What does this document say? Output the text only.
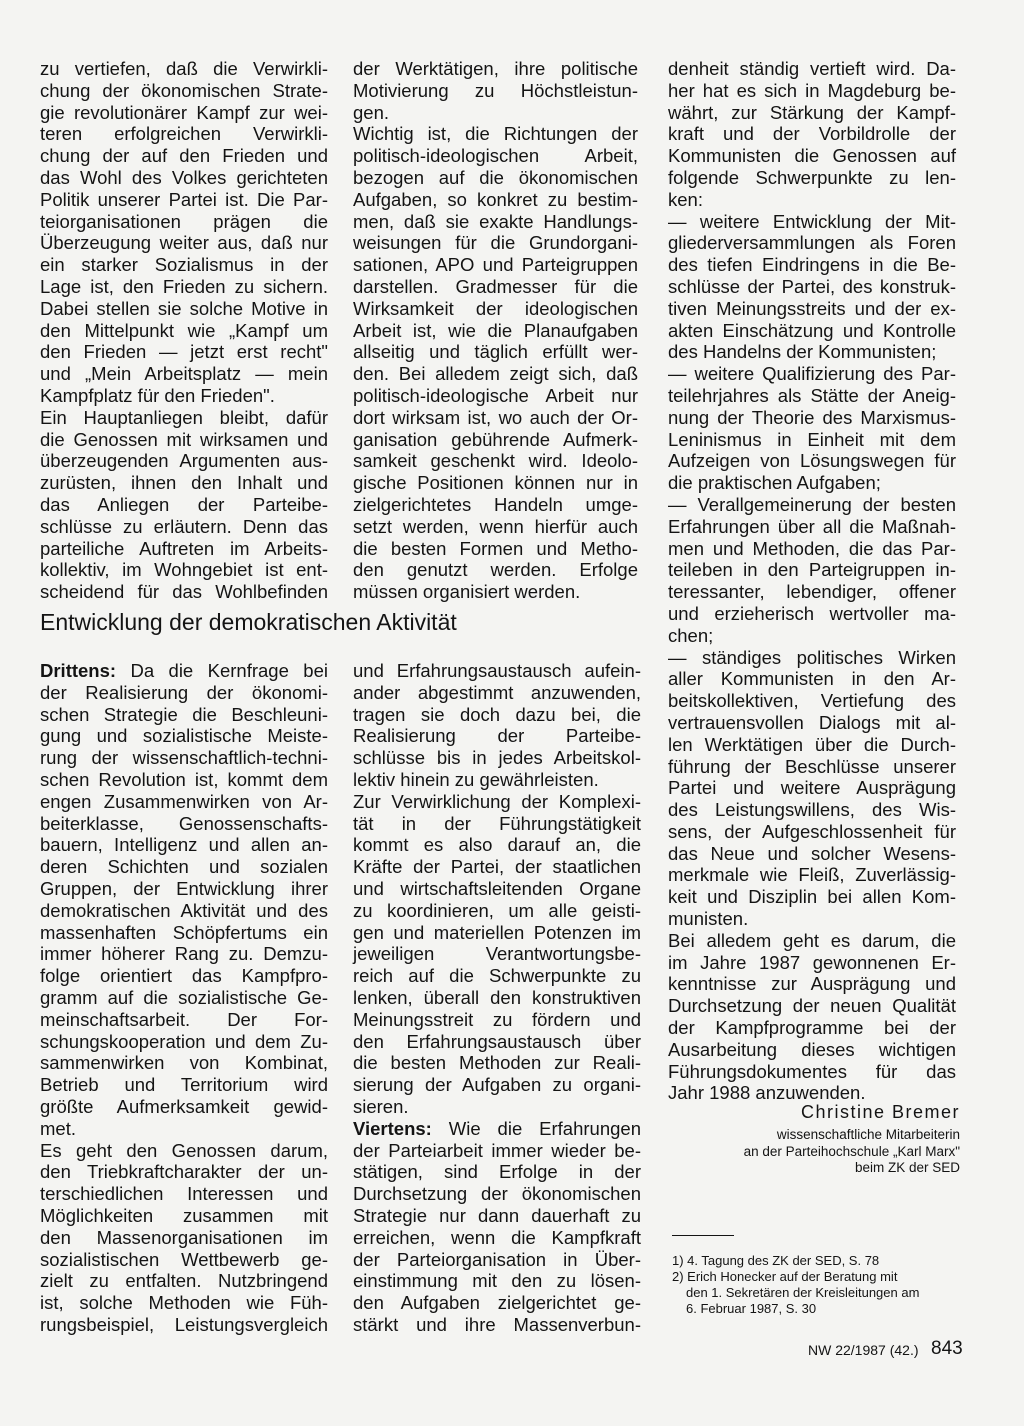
zu vertiefen, daß die Verwirkli-
chung der ökonomischen Strate-
gie revolutionärer Kampf zur wei-
teren erfolgreichen Verwirkli-
chung der auf den Frieden und
das Wohl des Volkes gerichteten
Politik unserer Partei ist. Die Par-
teiorganisationen prägen die
Überzeugung weiter aus, daß nur
ein starker Sozialismus in der
Lage ist, den Frieden zu sichern.
Dabei stellen sie solche Motive in
den Mittelpunkt wie „Kampf um
den Frieden — jetzt erst recht"
und „Mein Arbeitsplatz — mein
Kampfplatz für den Frieden".

Ein Hauptanliegen bleibt, dafür
die Genossen mit wirksamen und
überzeugenden Argumenten aus-
zurüsten, ihnen den Inhalt und
das Anliegen der Parteibe-
schlüsse zu erläutern. Denn das
parteiliche Auftreten im Arbeits-
kollektiv, im Wohngebiet ist ent-
scheidend für das Wohlbefinden

der Werktätigen, ihre politische
Motivierung zu Höchstleistun-
gen.

Wichtig ist, die Richtungen der
politisch-ideologischen Arbeit,
bezogen auf die ökonomischen
Aufgaben, so konkret zu bestim-
men, daß sie exakte Handlungs-
weisungen für die Grundorgani-
sationen, APO und Parteigruppen
darstellen. Gradmesser für die
Wirksamkeit der ideologischen
Arbeit ist, wie die Planaufgaben
allseitig und täglich erfüllt wer-
den. Bei alledem zeigt sich, daß
politisch-ideologische Arbeit nur
dort wirksam ist, wo auch der Or-
ganisation gebührende Aufmerk-
samkeit geschenkt wird. Ideolo-
gische Positionen können nur in
zielgerichtetes Handeln umge-
setzt werden, wenn hierfür auch
die besten Formen und Metho-
den genutzt werden. Erfolge
müssen organisiert werden.

Entwicklung der demokratischen Aktivität

Drittens: Da die Kernfrage bei
der Realisierung der ökonomi-
schen Strategie die Beschleuni-
gung und sozialistische Meiste-
rung der wissenschaftlich-techni-
schen Revolution ist, kommt dem
engen Zusammenwirken von Ar-
beiterklasse, Genossenschafts-
bauern, Intelligenz und allen an-
deren Schichten und sozialen
Gruppen, der Entwicklung ihrer
demokratischen Aktivität und des
massenhaften Schöpfertums ein
immer höherer Rang zu. Demzu-
folge orientiert das Kampfpro-
gramm auf die sozialistische Ge-
meinschaftsarbeit. Der For-
schungskooperation und dem Zu-
sammenwirken von Kombinat,
Betrieb und Territorium wird
größte Aufmerksamkeit gewid-
met.

Es geht den Genossen darum,
den Triebkraftcharakter der un-
terschiedlichen Interessen und
Möglichkeiten zusammen mit
den Massenorganisationen im
sozialistischen Wettbewerb ge-
zielt zu entfalten. Nutzbringend
ist, solche Methoden wie Füh-
rungsbeispiel, Leistungsvergleich

und Erfahrungsaustausch aufein-
ander abgestimmt anzuwenden,
tragen sie doch dazu bei, die
Realisierung der Parteibe-
schlüsse bis in jedes Arbeitskol-
lektiv hinein zu gewährleisten.

Zur Verwirklichung der Komplexi-
tät in der Führungstätigkeit
kommt es also darauf an, die
Kräfte der Partei, der staatlichen
und wirtschaftsleitenden Organe
zu koordinieren, um alle geisti-
gen und materiellen Potenzen im
jeweiligen Verantwortungsbe-
reich auf die Schwerpunkte zu
lenken, überall den konstruktiven
Meinungsstreit zu fördern und
den Erfahrungsaustausch über
die besten Methoden zur Reali-
sierung der Aufgaben zu organi-
sieren.

Viertens: Wie die Erfahrungen
der Parteiarbeit immer wieder be-
stätigen, sind Erfolge in der
Durchsetzung der ökonomischen
Strategie nur dann dauerhaft zu
erreichen, wenn die Kampfkraft
der Parteiorganisation in Über-
einstimmung mit den zu lösen-
den Aufgaben zielgerichtet ge-
stärkt und ihre Massenverbun-

denheit ständig vertieft wird. Da-
her hat es sich in Magdeburg be-
währt, zur Stärkung der Kampf-
kraft und der Vorbildrolle der
Kommunisten die Genossen auf
folgende Schwerpunkte zu len-
ken:

— weitere Entwicklung der Mit-
gliederversammlungen als Foren
des tiefen Eindringens in die Be-
schlüsse der Partei, des konstruk-
tiven Meinungsstreits und der ex-
akten Einschätzung und Kontrolle
des Handelns der Kommunisten;

— weitere Qualifizierung des Par-
teilehrjahres als Stätte der Aneig-
nung der Theorie des Marxismus-
Leninismus in Einheit mit dem
Aufzeigen von Lösungswegen für
die praktischen Aufgaben;

— Verallgemeinerung der besten
Erfahrungen über all die Maßnah-
men und Methoden, die das Par-
teileben in den Parteigruppen in-
teressanter, lebendiger, offener
und erzieherisch wertvoller ma-
chen;

— ständiges politisches Wirken
aller Kommunisten in den Ar-
beitskollektiven, Vertiefung des
vertrauensvollen Dialogs mit al-
len Werktätigen über die Durch-
führung der Beschlüsse unserer
Partei und weitere Ausprägung
des Leistungswillens, des Wis-
sens, der Aufgeschlossenheit für
das Neue und solcher Wesens-
merkmale wie Fleiß, Zuverlässig-
keit und Disziplin bei allen Kom-
munisten.

Bei alledem geht es darum, die
im Jahre 1987 gewonnenen Er-
kenntnisse zur Ausprägung und
Durchsetzung der neuen Qualität
der Kampfprogramme bei der
Ausarbeitung dieses wichtigen
Führungsdokumentes für das
Jahr 1988 anzuwenden.

Christine Bremer
wissenschaftliche Mitarbeiterin
an der Parteihochschule „Karl Marx"
beim ZK der SED
1) 4. Tagung des ZK der SED, S. 78
2) Erich Honecker auf der Beratung mit
den 1. Sekretären der Kreisleitungen am
6. Februar 1987, S. 30
NW 22/1987 (42.) 843
